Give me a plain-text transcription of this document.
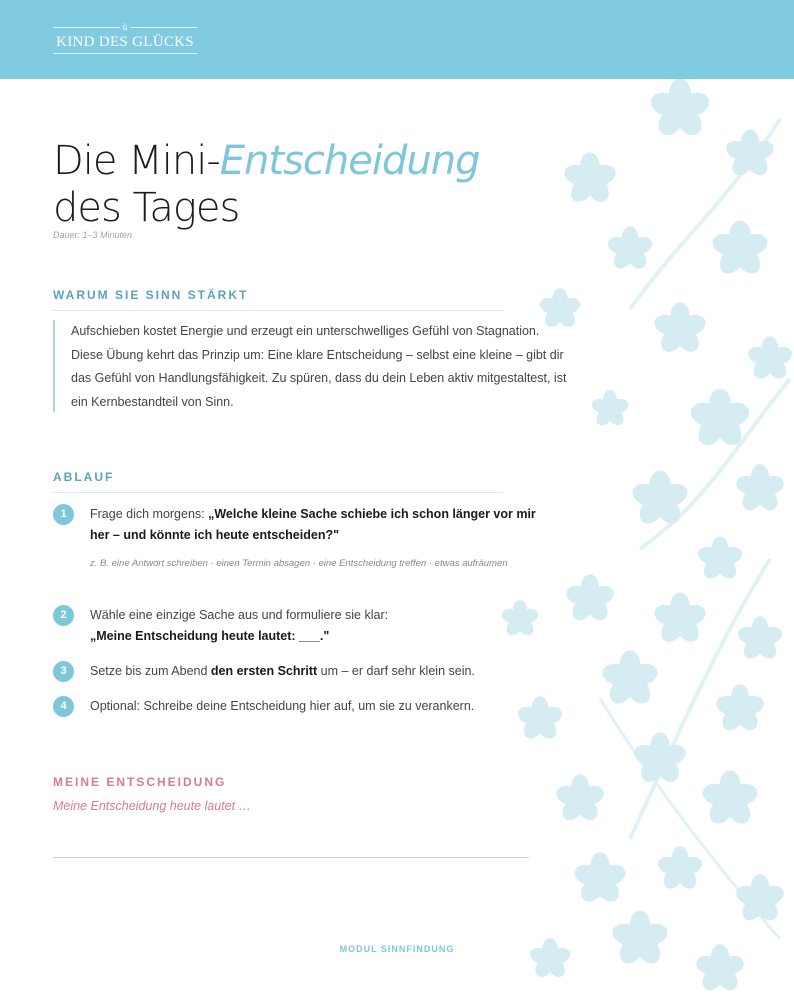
ü
KIND DES GLÜCKS
Die Mini-Entscheidung
des Tages
Dauer: 1–3 Minuten
WARUM SIE SINN STÄRKT
Aufschieben kostet Energie und erzeugt ein unterschwelliges Gefühl von Stagnation. Diese Übung kehrt das Prinzip um: Eine klare Entscheidung – selbst eine kleine – gibt dir das Gefühl von Handlungsfähigkeit. Zu spüren, dass du dein Leben aktiv mitgestaltest, ist ein Kernbestandteil von Sinn.
ABLAUF
1	Frage dich morgens: „Welche kleine Sache schiebe ich schon länger vor mir her – und könnte ich heute entscheiden?"
z. B. eine Antwort schreiben · einen Termin absagen · eine Entscheidung treffen · etwas aufräumen
2	Wähle eine einzige Sache aus und formuliere sie klar:
„Meine Entscheidung heute lautet: ___."
3	Setze bis zum Abend den ersten Schritt um – er darf sehr klein sein.
4	Optional: Schreibe deine Entscheidung hier auf, um sie zu verankern.
MEINE ENTSCHEIDUNG
Meine Entscheidung heute lautet …
MODUL SINNFINDUNG
